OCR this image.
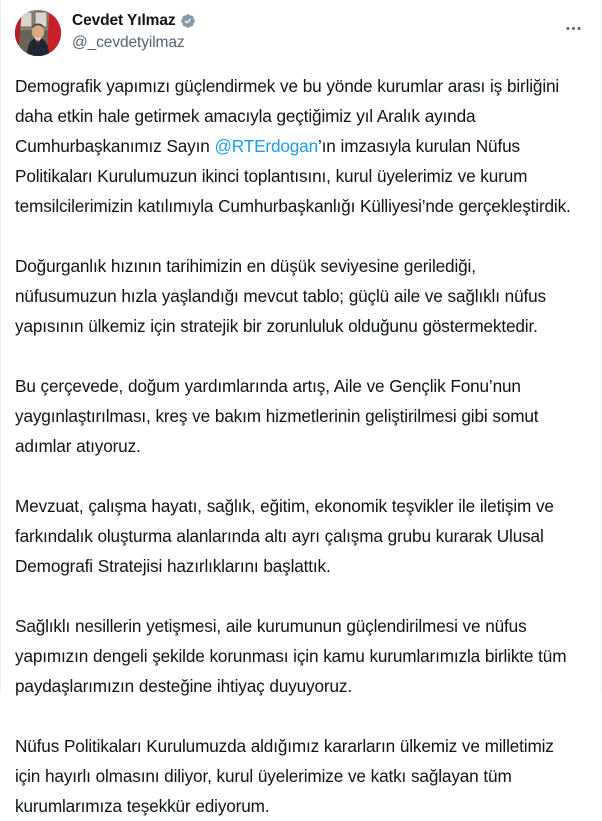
Cevdet Yılmaz
@_cevdetyilmaz

Demografik yapımızı güçlendirmek ve bu yönde kurumlar arası iş birliğini daha etkin hale getirmek amacıyla geçtiğimiz yıl Aralık ayında Cumhurbaşkanımız Sayın @RTErdogan’ın imzasıyla kurulan Nüfus Politikaları Kurulumuzun ikinci toplantısını, kurul üyelerimiz ve kurum temsilcilerimizin katılımıyla Cumhurbaşkanlığı Külliyesi’nde gerçekleştirdik.

Doğurganlık hızının tarihimizin en düşük seviyesine gerilediği, nüfusumuzun hızla yaşlandığı mevcut tablo; güçlü aile ve sağlıklı nüfus yapısının ülkemiz için stratejik bir zorunluluk olduğunu göstermektedir.

Bu çerçevede, doğum yardımlarında artış, Aile ve Gençlik Fonu’nun yaygınlaştırılması, kreş ve bakım hizmetlerinin geliştirilmesi gibi somut adımlar atıyoruz.

Mevzuat, çalışma hayatı, sağlık, eğitim, ekonomik teşvikler ile iletişim ve farkındalık oluşturma alanlarında altı ayrı çalışma grubu kurarak Ulusal Demografi Stratejisi hazırlıklarını başlattık.

Sağlıklı nesillerin yetişmesi, aile kurumunun güçlendirilmesi ve nüfus yapımızın dengeli şekilde korunması için kamu kurumlarımızla birlikte tüm paydaşlarımızın desteğine ihtiyaç duyuyoruz.

Nüfus Politikaları Kurulumuzda aldığımız kararların ülkemiz ve milletimiz için hayırlı olmasını diliyor, kurul üyelerimize ve katkı sağlayan tüm kurumlarımıza teşekkür ediyorum.
